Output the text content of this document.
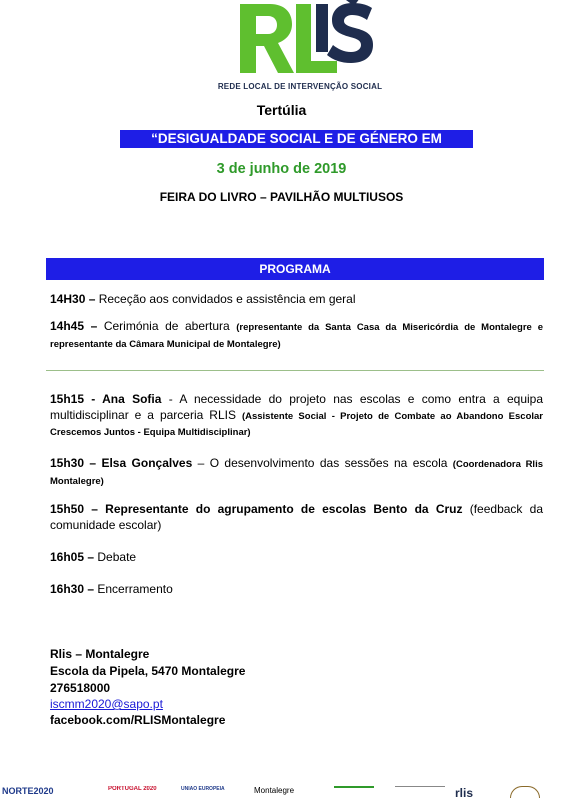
REDE LOCAL DE INTERVENÇÃO SOCIAL
Tertúlia
“DESIGUALDADE SOCIAL E DE GÉNERO EM BARROSO”
3 de junho de 2019
FEIRA DO LIVRO – PAVILHÃO MULTIUSOS
PROGRAMA
14H30 – Receção aos convidados e assistência em geral
14h45 – Cerimónia de abertura (representante da Santa Casa da Misericórdia de Montalegre e representante da Câmara Municipal de Montalegre)
15h15 - Ana Sofia - A necessidade do projeto nas escolas e como entra a equipa multidisciplinar e a parceria RLIS (Assistente Social - Projeto de Combate ao Abandono Escolar Crescemos Juntos - Equipa Multidisciplinar)
15h30 – Elsa Gonçalves – O desenvolvimento das sessões na escola (Coordenadora Rlis Montalegre)
15h50 – Representante do agrupamento de escolas Bento da Cruz (feedback da comunidade escolar)
16h05 – Debate
16h30 – Encerramento
Rlis – Montalegre
Escola da Pipela, 5470 Montalegre
276518000
iscmm2020@sapo.pt
facebook.com/RLISMontalegre
NORTE2020	PORTUGAL 2020	UNIÃO EUROPEIA	Montalegre	rlis
